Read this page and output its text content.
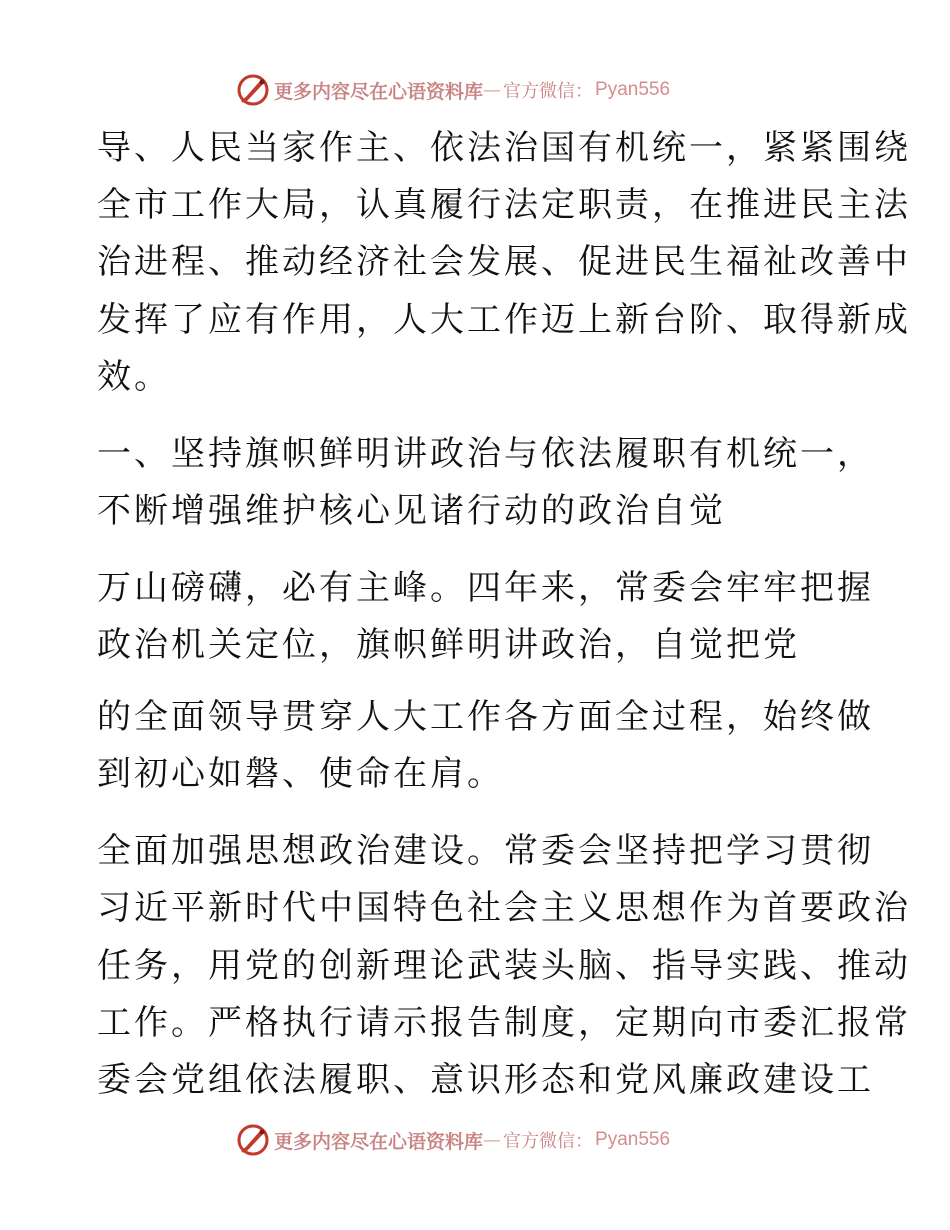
更多内容尽在心语资料库 — 官方微信： Pyan556
导、人民当家作主、依法治国有机统一，紧紧围绕
全市工作大局，认真履行法定职责，在推进民主法
治进程、推动经济社会发展、促进民生福祉改善中
发挥了应有作用，人大工作迈上新台阶、取得新成
效。
一、坚持旗帜鲜明讲政治与依法履职有机统一，
不断增强维护核心见诸行动的政治自觉
万山磅礴，必有主峰。四年来，常委会牢牢把握
政治机关定位，旗帜鲜明讲政治，自觉把党
的全面领导贯穿人大工作各方面全过程，始终做
到初心如磐、使命在肩。
全面加强思想政治建设。常委会坚持把学习贯彻
习近平新时代中国特色社会主义思想作为首要政治
任务，用党的创新理论武装头脑、指导实践、推动
工作。严格执行请示报告制度，定期向市委汇报常
委会党组依法履职、意识形态和党风廉政建设工
更多内容尽在心语资料库 — 官方微信： Pyan556
